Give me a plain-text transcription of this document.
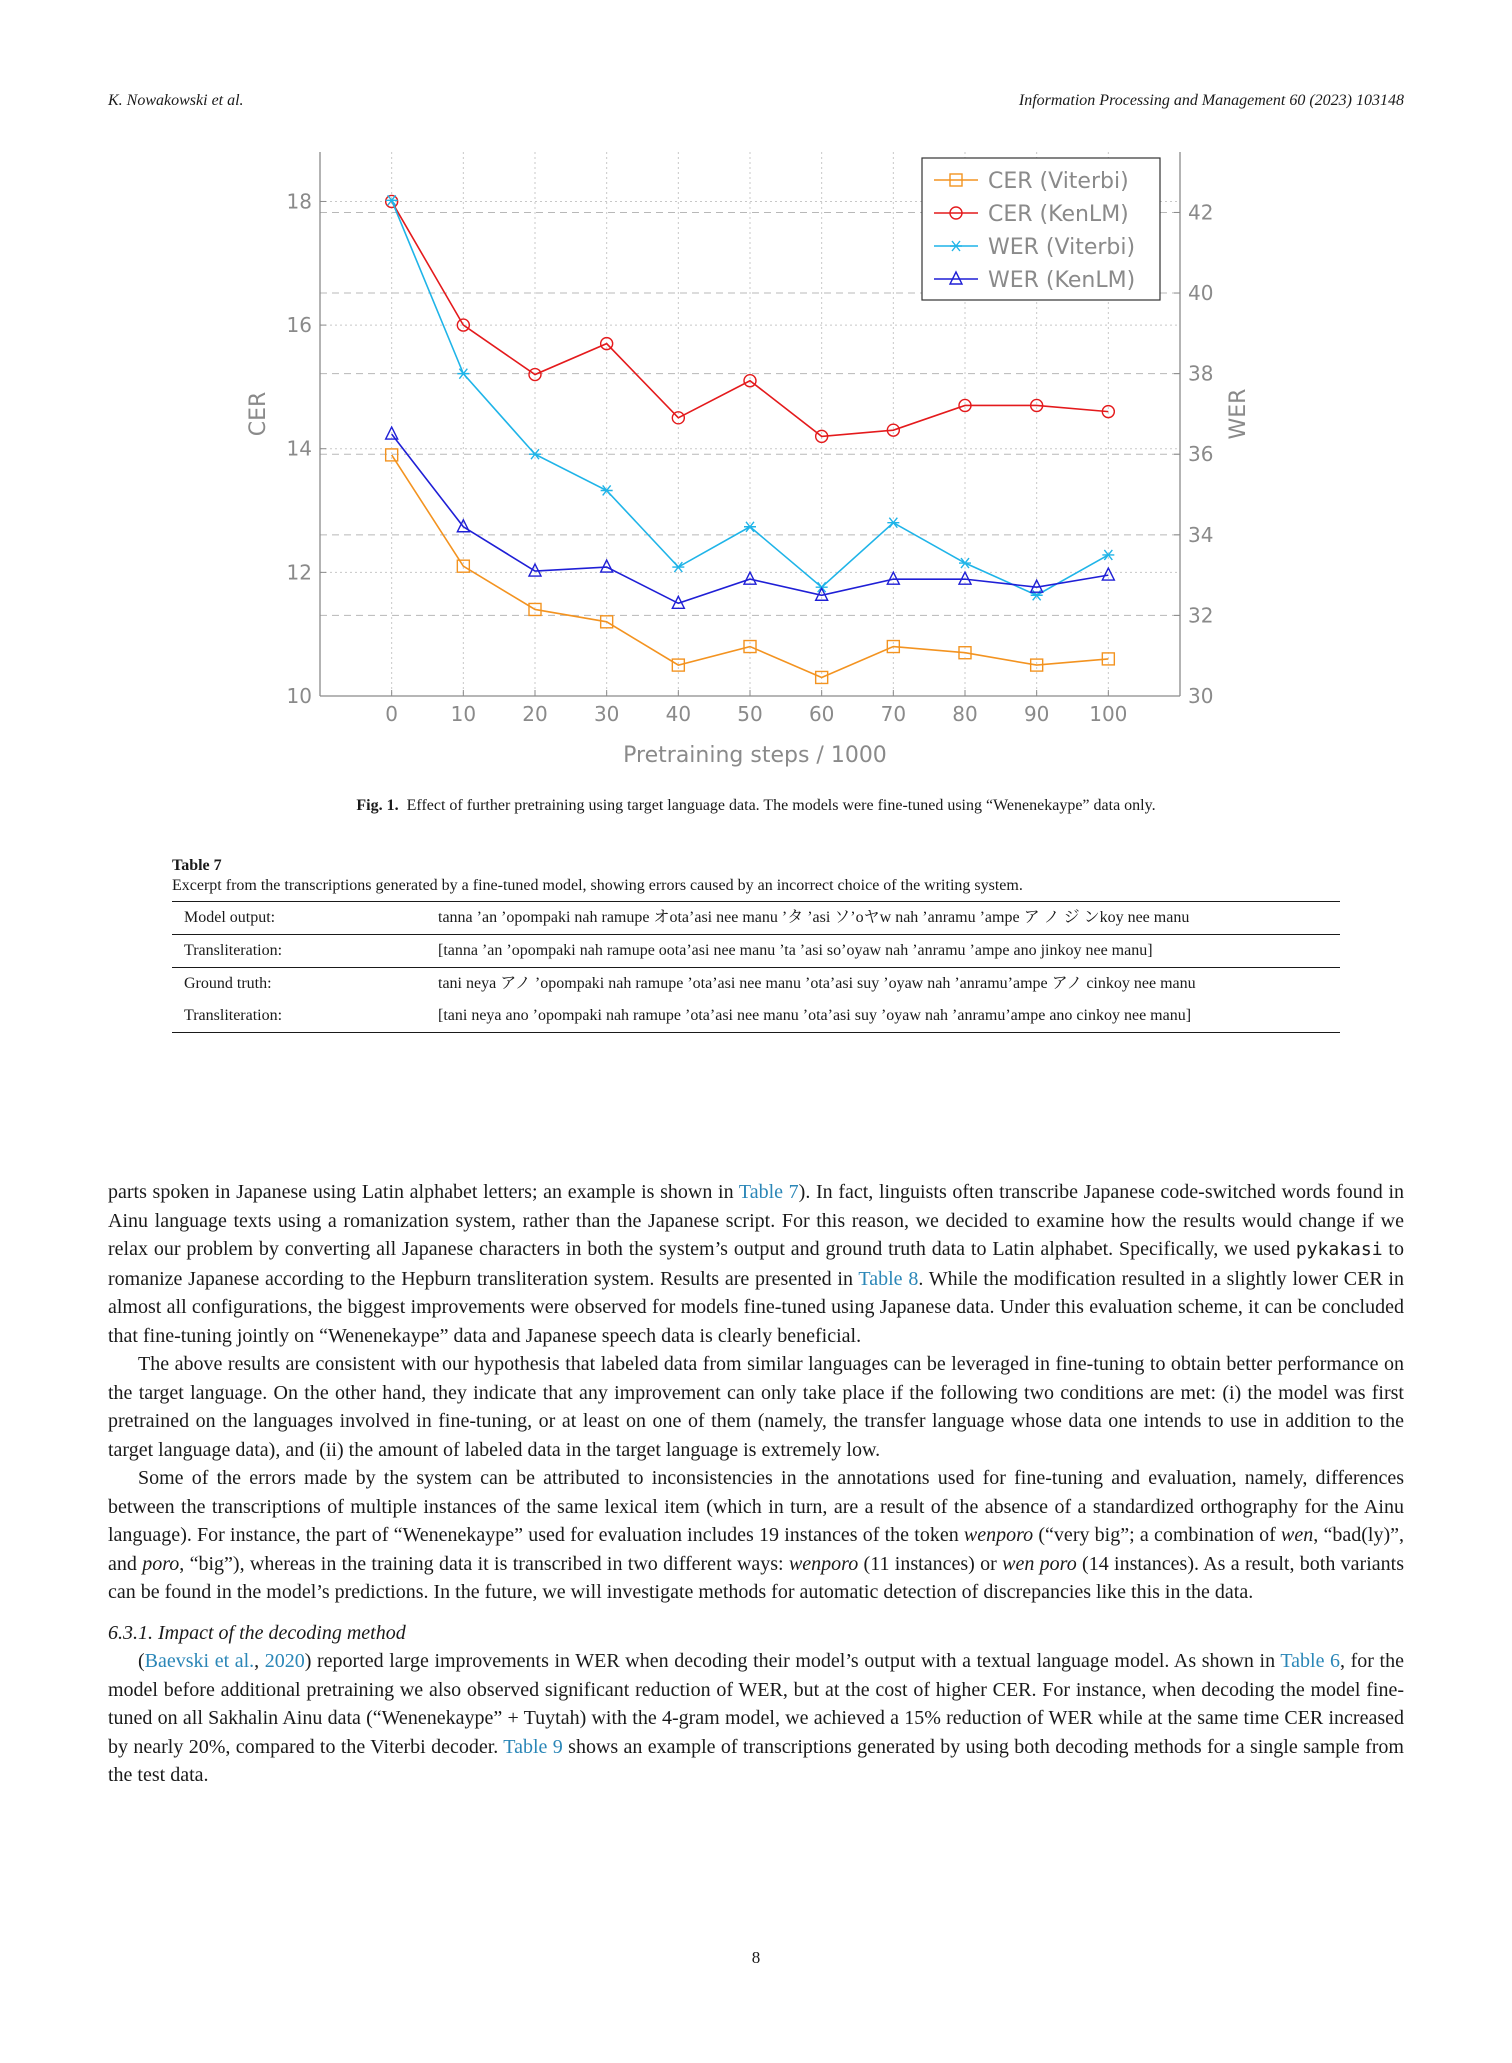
K. Nowakowski et al.	Information Processing and Management 60 (2023) 103148
0	10 20 30 40 50 60 70 80 90 100
10
12
14
16
18
30
32
34
36
38
40
42
Pretraining steps / 1000
CER	WER
CER (Viterbi)
CER (KenLM)
WER (Viterbi)
WER (KenLM)
Fig. 1. Effect of further pretraining using target language data. The models were fine-tuned using “Wenenekaype” data only.
Table 7
Excerpt from the transcriptions generated by a fine-tuned model, showing errors caused by an incorrect choice of the writing system.
Model output:	tanna ’an ’opompaki nah ramupe オota’asi nee manu ʼタ ’asi ソʼoヤw nah ’anramu ’ampe ア ノ ジ ンkoy nee manu
Transliteration:	[tanna ’an ’opompaki nah ramupe oota’asi nee manu ’ta ’asi so’oyaw nah ’anramu ’ampe ano jinkoy nee manu]
Ground truth:	tani neya アノ ’opompaki nah ramupe ’ota’asi nee manu ’ota’asi suy ’oyaw nah ’anramu’ampe アノ cinkoy nee manu
Transliteration:	[tani neya ano ’opompaki nah ramupe ’ota’asi nee manu ’ota’asi suy ’oyaw nah ’anramu’ampe ano cinkoy nee manu]

parts spoken in Japanese using Latin alphabet letters; an example is shown in Table 7). In fact, linguists often transcribe Japanese code-switched words found in Ainu language texts using a romanization system, rather than the Japanese script. For this reason, we decided to examine how the results would change if we relax our problem by converting all Japanese characters in both the system’s output and ground truth data to Latin alphabet. Specifically, we used pykakasi to romanize Japanese according to the Hepburn transliteration system. Results are presented in Table 8. While the modification resulted in a slightly lower CER in almost all configurations, the biggest improvements were observed for models fine-tuned using Japanese data. Under this evaluation scheme, it can be concluded that fine-tuning jointly on “Wenenekaype” data and Japanese speech data is clearly beneficial.

The above results are consistent with our hypothesis that labeled data from similar languages can be leveraged in fine-tuning to obtain better performance on the target language. On the other hand, they indicate that any improvement can only take place if the following two conditions are met: (i) the model was first pretrained on the languages involved in fine-tuning, or at least on one of them (namely, the transfer language whose data one intends to use in addition to the target language data), and (ii) the amount of labeled data in the target language is extremely low.

Some of the errors made by the system can be attributed to inconsistencies in the annotations used for fine-tuning and evaluation, namely, differences between the transcriptions of multiple instances of the same lexical item (which in turn, are a result of the absence of a standardized orthography for the Ainu language). For instance, the part of “Wenenekaype” used for evaluation includes 19 instances of the token wenporo (“very big”; a combination of wen, “bad(ly)”, and poro, “big”), whereas in the training data it is transcribed in two different ways: wenporo (11 instances) or wen poro (14 instances). As a result, both variants can be found in the model’s predictions. In the future, we will investigate methods for automatic detection of discrepancies like this in the data.

6.3.1. Impact of the decoding method

(Baevski et al., 2020) reported large improvements in WER when decoding their model’s output with a textual language model. As shown in Table 6, for the model before additional pretraining we also observed significant reduction of WER, but at the cost of higher CER. For instance, when decoding the model fine-tuned on all Sakhalin Ainu data (“Wenenekaype” + Tuytah) with the 4-gram model, we achieved a 15% reduction of WER while at the same time CER increased by nearly 20%, compared to the Viterbi decoder. Table 9 shows an example of transcriptions generated by using both decoding methods for a single sample from the test data.

8
